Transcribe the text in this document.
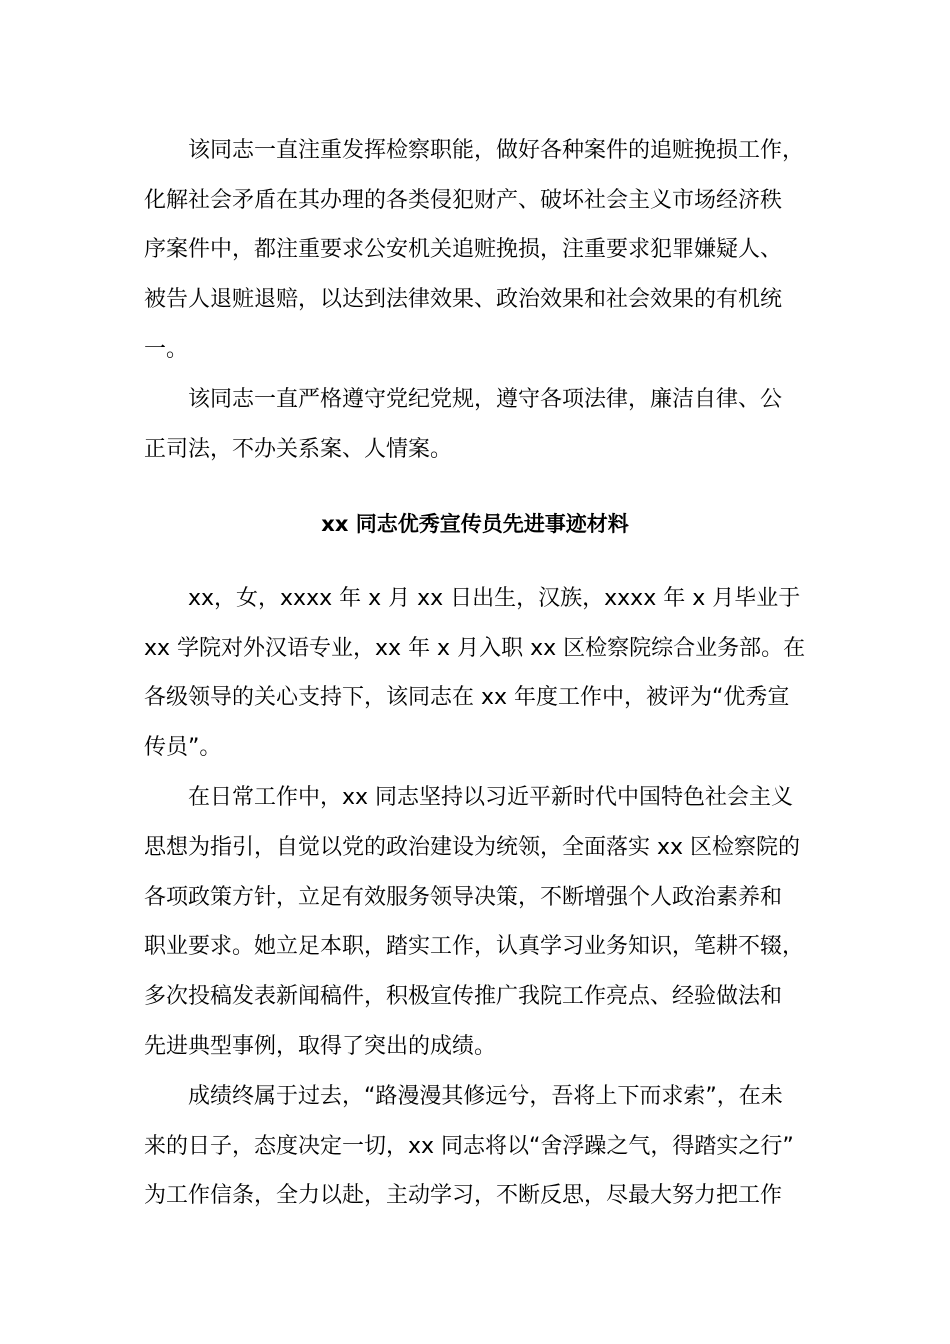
该同志一直注重发挥检察职能，做好各种案件的追赃挽损工作，
化解社会矛盾在其办理的各类侵犯财产、破坏社会主义市场经济秩
序案件中，都注重要求公安机关追赃挽损，注重要求犯罪嫌疑人、
被告人退赃退赔，以达到法律效果、政治效果和社会效果的有机统
一。
该同志一直严格遵守党纪党规，遵守各项法律，廉洁自律、公
正司法，不办关系案、人情案。
xx 同志优秀宣传员先进事迹材料
xx，女，xxxx 年 x 月 xx 日出生，汉族，xxxx 年 x 月毕业于
xx 学院对外汉语专业，xx 年 x 月入职 xx 区检察院综合业务部。在
各级领导的关心支持下，该同志在 xx 年度工作中，被评为“优秀宣
传员”。
在日常工作中，xx 同志坚持以习近平新时代中国特色社会主义
思想为指引，自觉以党的政治建设为统领，全面落实 xx 区检察院的
各项政策方针，立足有效服务领导决策，不断增强个人政治素养和
职业要求。她立足本职，踏实工作，认真学习业务知识，笔耕不辍，
多次投稿发表新闻稿件，积极宣传推广我院工作亮点、经验做法和
先进典型事例，取得了突出的成绩。
成绩终属于过去，“路漫漫其修远兮，吾将上下而求索”，在未
来的日子，态度决定一切，xx 同志将以“舍浮躁之气，得踏实之行”
为工作信条，全力以赴，主动学习，不断反思，尽最大努力把工作
